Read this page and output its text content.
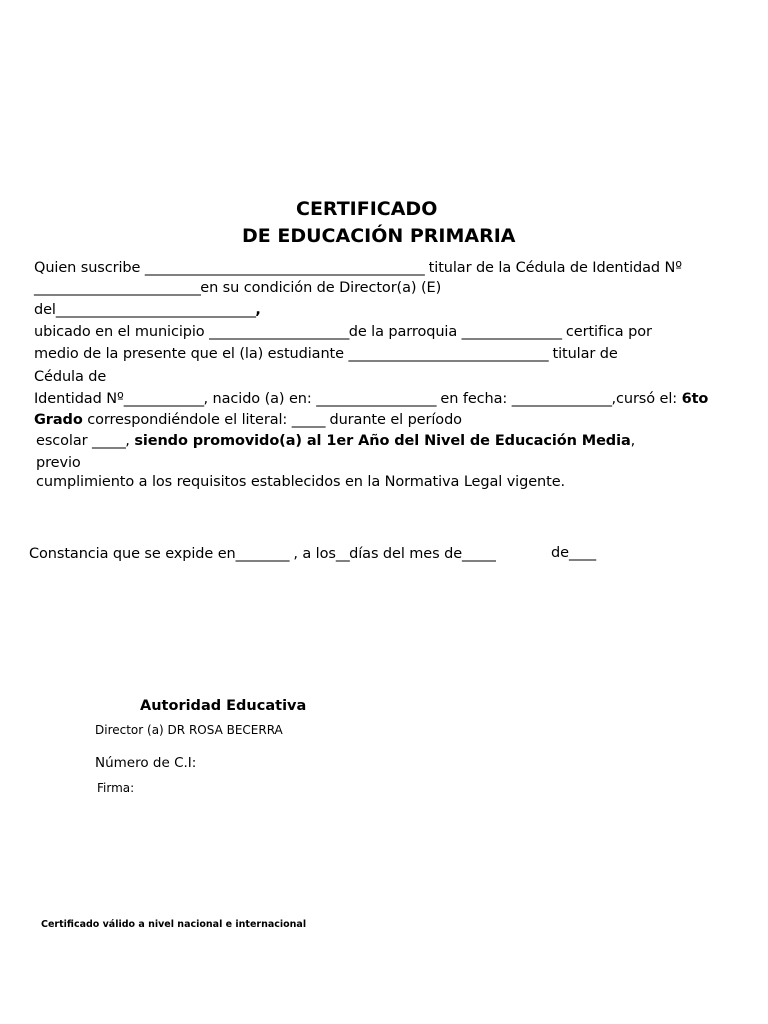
CERTIFICADO
DE EDUCACIÓN PRIMARIA
Quien suscribe __________________________________________ titular de la Cédula de Identidad Nº
_________________________en su condición de Director(a) (E)
del______________________________,
ubicado en el municipio _____________________de la parroquia _______________ certifica por
medio de la presente que el (la) estudiante ______________________________ titular de
Cédula de
Identidad Nº____________, nacido (a) en: __________________ en fecha: _______________,cursó el: 6to
Grado correspondiéndole el literal: _____ durante el período
escolar _____, siendo promovido(a) al 1er Año del Nivel de Educación Media,
previo
cumplimiento a los requisitos establecidos en la Normativa Legal vigente.
Constancia que se expide en________ , a los__días del mes de_____	de____
Autoridad Educativa
Director (a) DR ROSA BECERRA
Número de C.I:
Firma:
Certificado válido a nivel nacional e internacional
